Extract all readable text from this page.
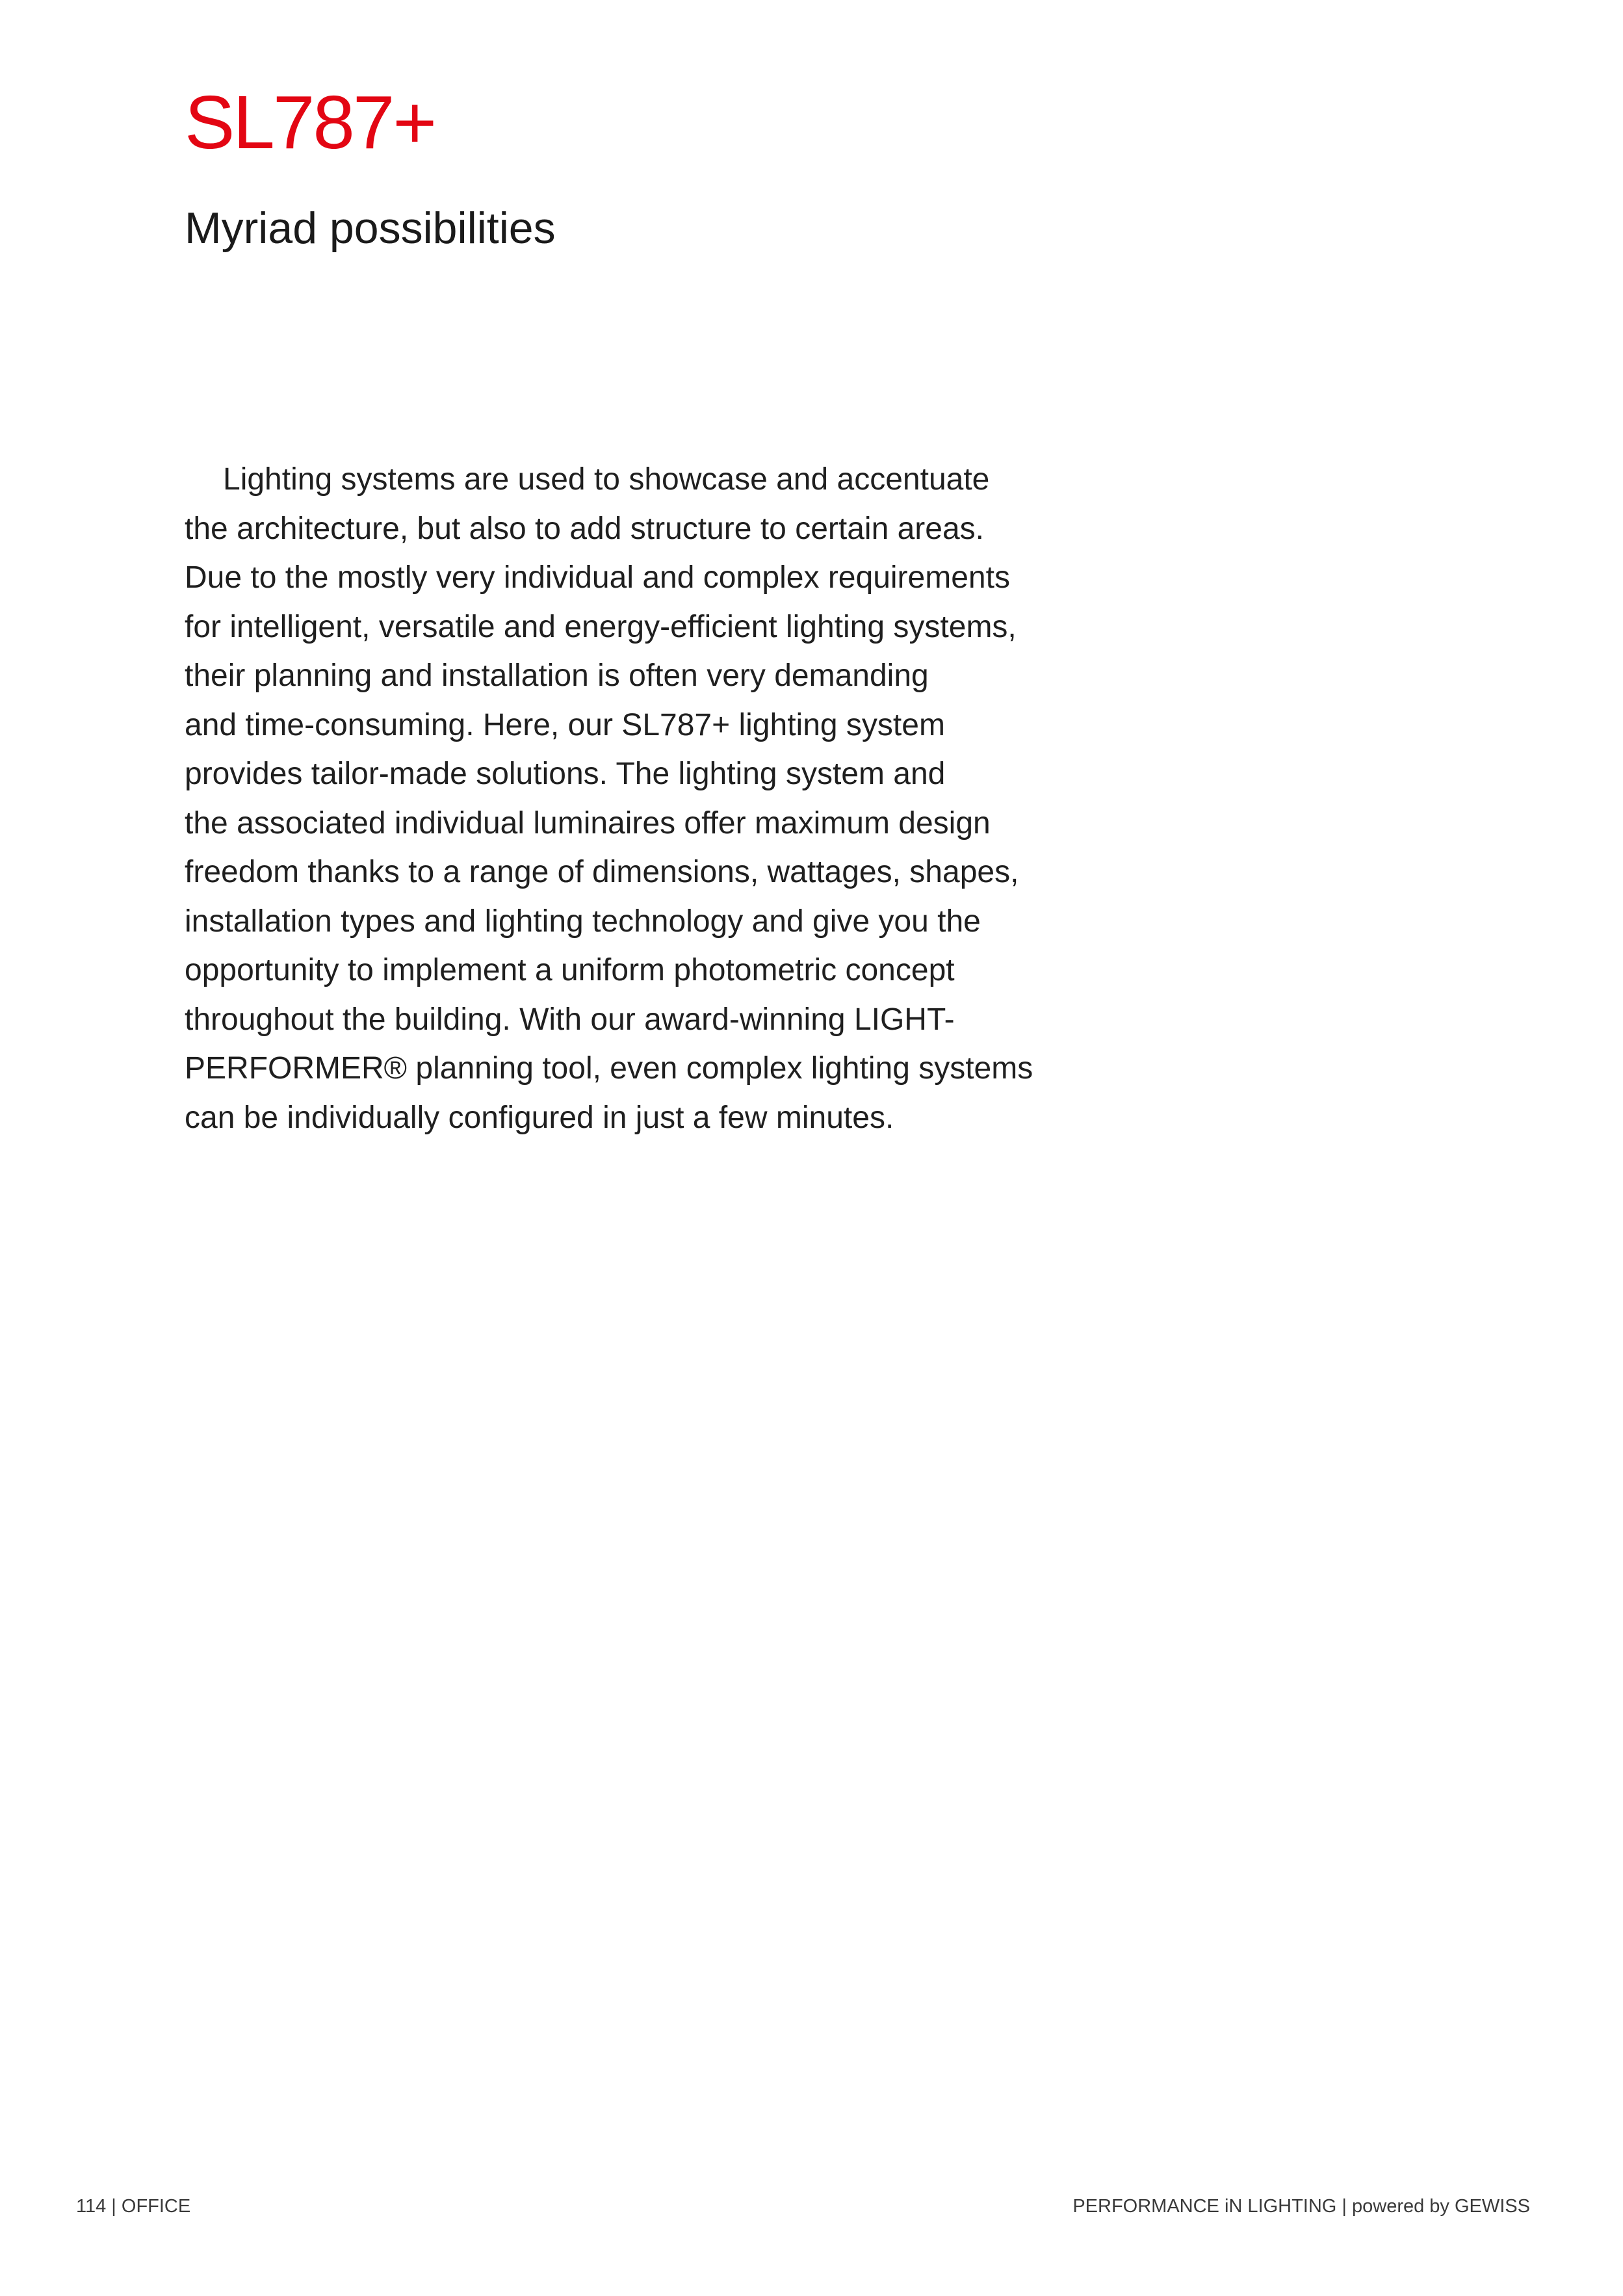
SL787+
Myriad possibilities
Lighting systems are used to showcase and accentuate
the architecture, but also to add structure to certain areas.
Due to the mostly very individual and complex requirements
for intelligent, versatile and energy-efficient lighting systems,
their planning and installation is often very demanding
and time-consuming. Here, our SL787+ lighting system
provides tailor-made solutions. The lighting system and
the associated individual luminaires offer maximum design
freedom thanks to a range of dimensions, wattages, shapes,
installation types and lighting technology and give you the
opportunity to implement a uniform photometric concept
throughout the building. With our award-winning LIGHT-
PERFORMER® planning tool, even complex lighting systems
can be individually configured in just a few minutes.
114 | OFFICE	PERFORMANCE iN LIGHTING | powered by GEWISS
